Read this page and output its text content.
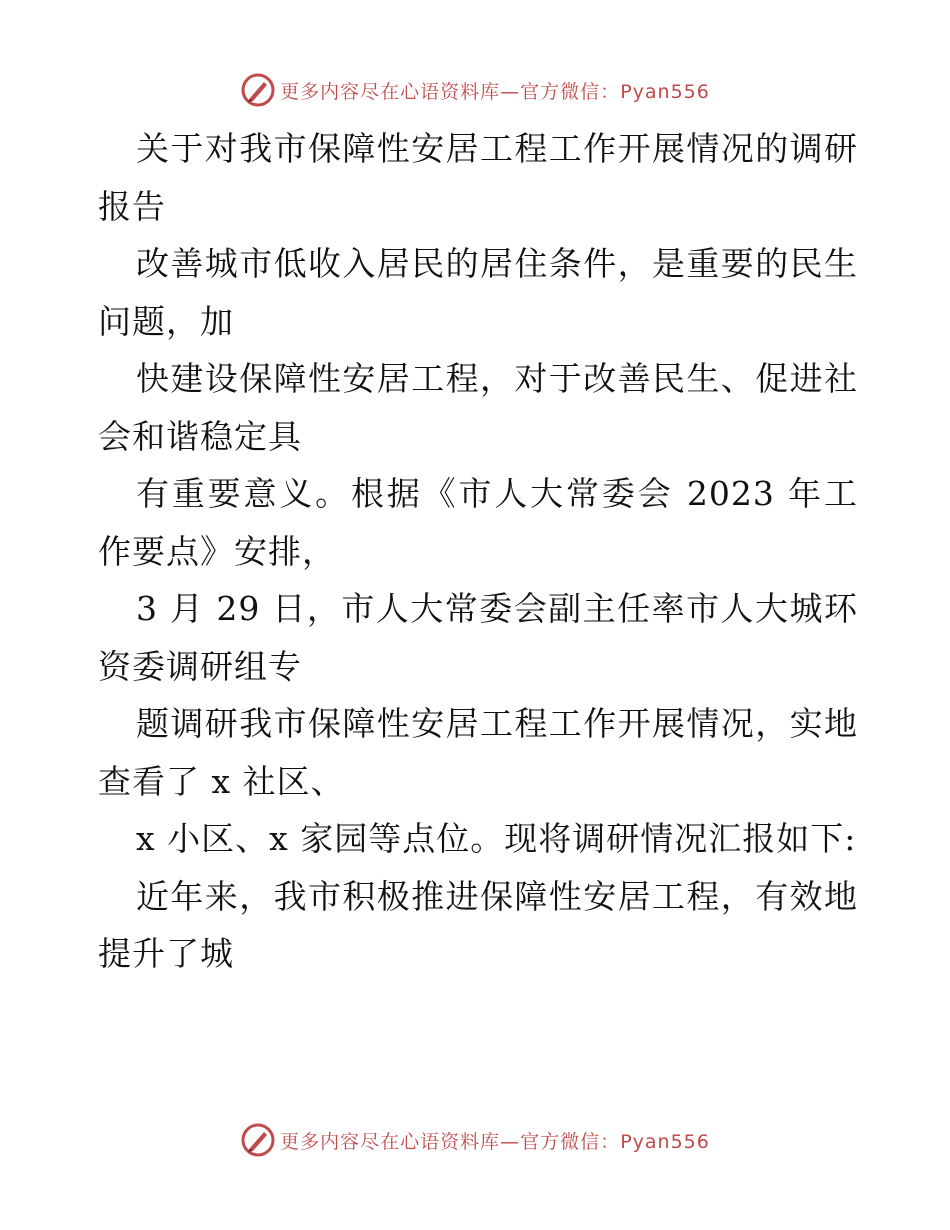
更多内容尽在心语资料库—官方微信：Pyan556

关于对我市保障性安居工程工作开展情况的调研报告

改善城市低收入居民的居住条件，是重要的民生问题，加

快建设保障性安居工程，对于改善民生、促进社会和谐稳定具

有重要意义。根据《市人大常委会 2023 年工作要点》安排，

3 月 29 日，市人大常委会副主任率市人大城环资委调研组专

题调研我市保障性安居工程工作开展情况，实地查看了 x 社区、

x 小区、x 家园等点位。现将调研情况汇报如下:

近年来，我市积极推进保障性安居工程，有效地提升了城

更多内容尽在心语资料库—官方微信：Pyan556
